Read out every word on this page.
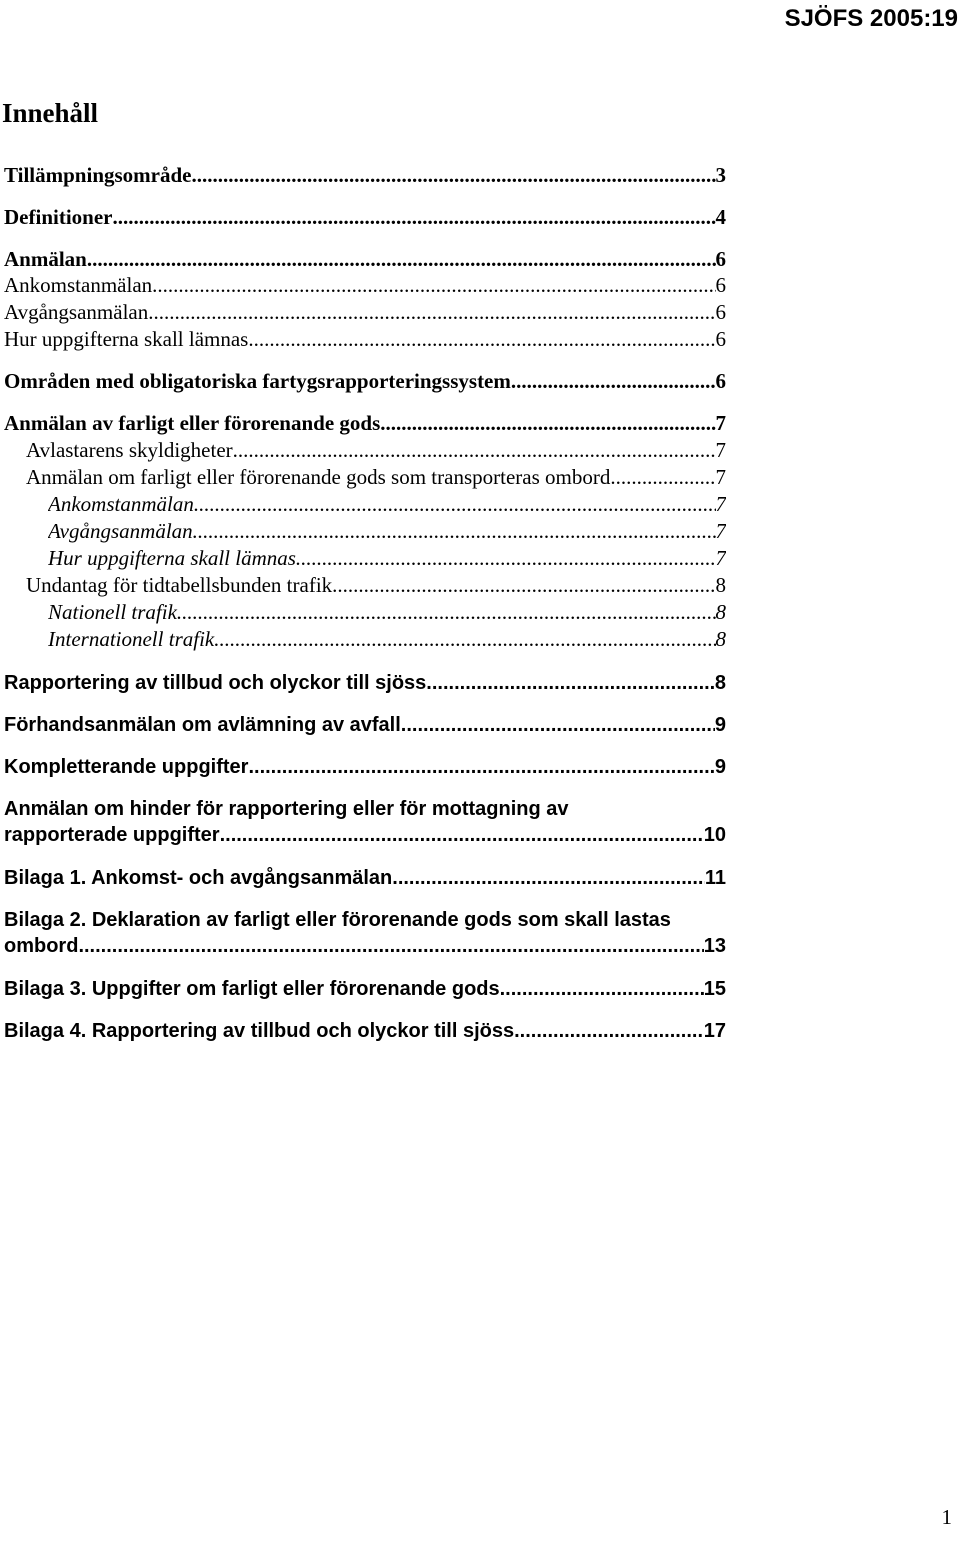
SJÖFS 2005:19
Innehåll
Tillämpningsområde .....	3
Definitioner .....	4
Anmälan .....	6
Ankomstanmälan .....	6
Avgångsanmälan .....	6
Hur uppgifterna skall lämnas .....	6
Områden med obligatoriska fartygsrapporteringssystem .....	6
Anmälan av farligt eller förorenande gods .....	7
Avlastarens skyldigheter .....	7
Anmälan om farligt eller förorenande gods som transporteras ombord .....	7
Ankomstanmälan .....	7
Avgångsanmälan .....	7
Hur uppgifterna skall lämnas .....	7
Undantag för tidtabellsbunden trafik .....	8
Nationell trafik .....	8
Internationell trafik .....	8
Rapportering av tillbud och olyckor till sjöss .....	8
Förhandsanmälan om avlämning av avfall .....	9
Kompletterande uppgifter .....	9
Anmälan om hinder för rapportering eller för mottagning av
rapporterade uppgifter .....	10
Bilaga 1. Ankomst- och avgångsanmälan .....	11
Bilaga 2. Deklaration av farligt eller förorenande gods som skall lastas
ombord .....	13
Bilaga 3. Uppgifter om farligt eller förorenande gods .....	15
Bilaga 4. Rapportering av tillbud och olyckor till sjöss .....	17
1
